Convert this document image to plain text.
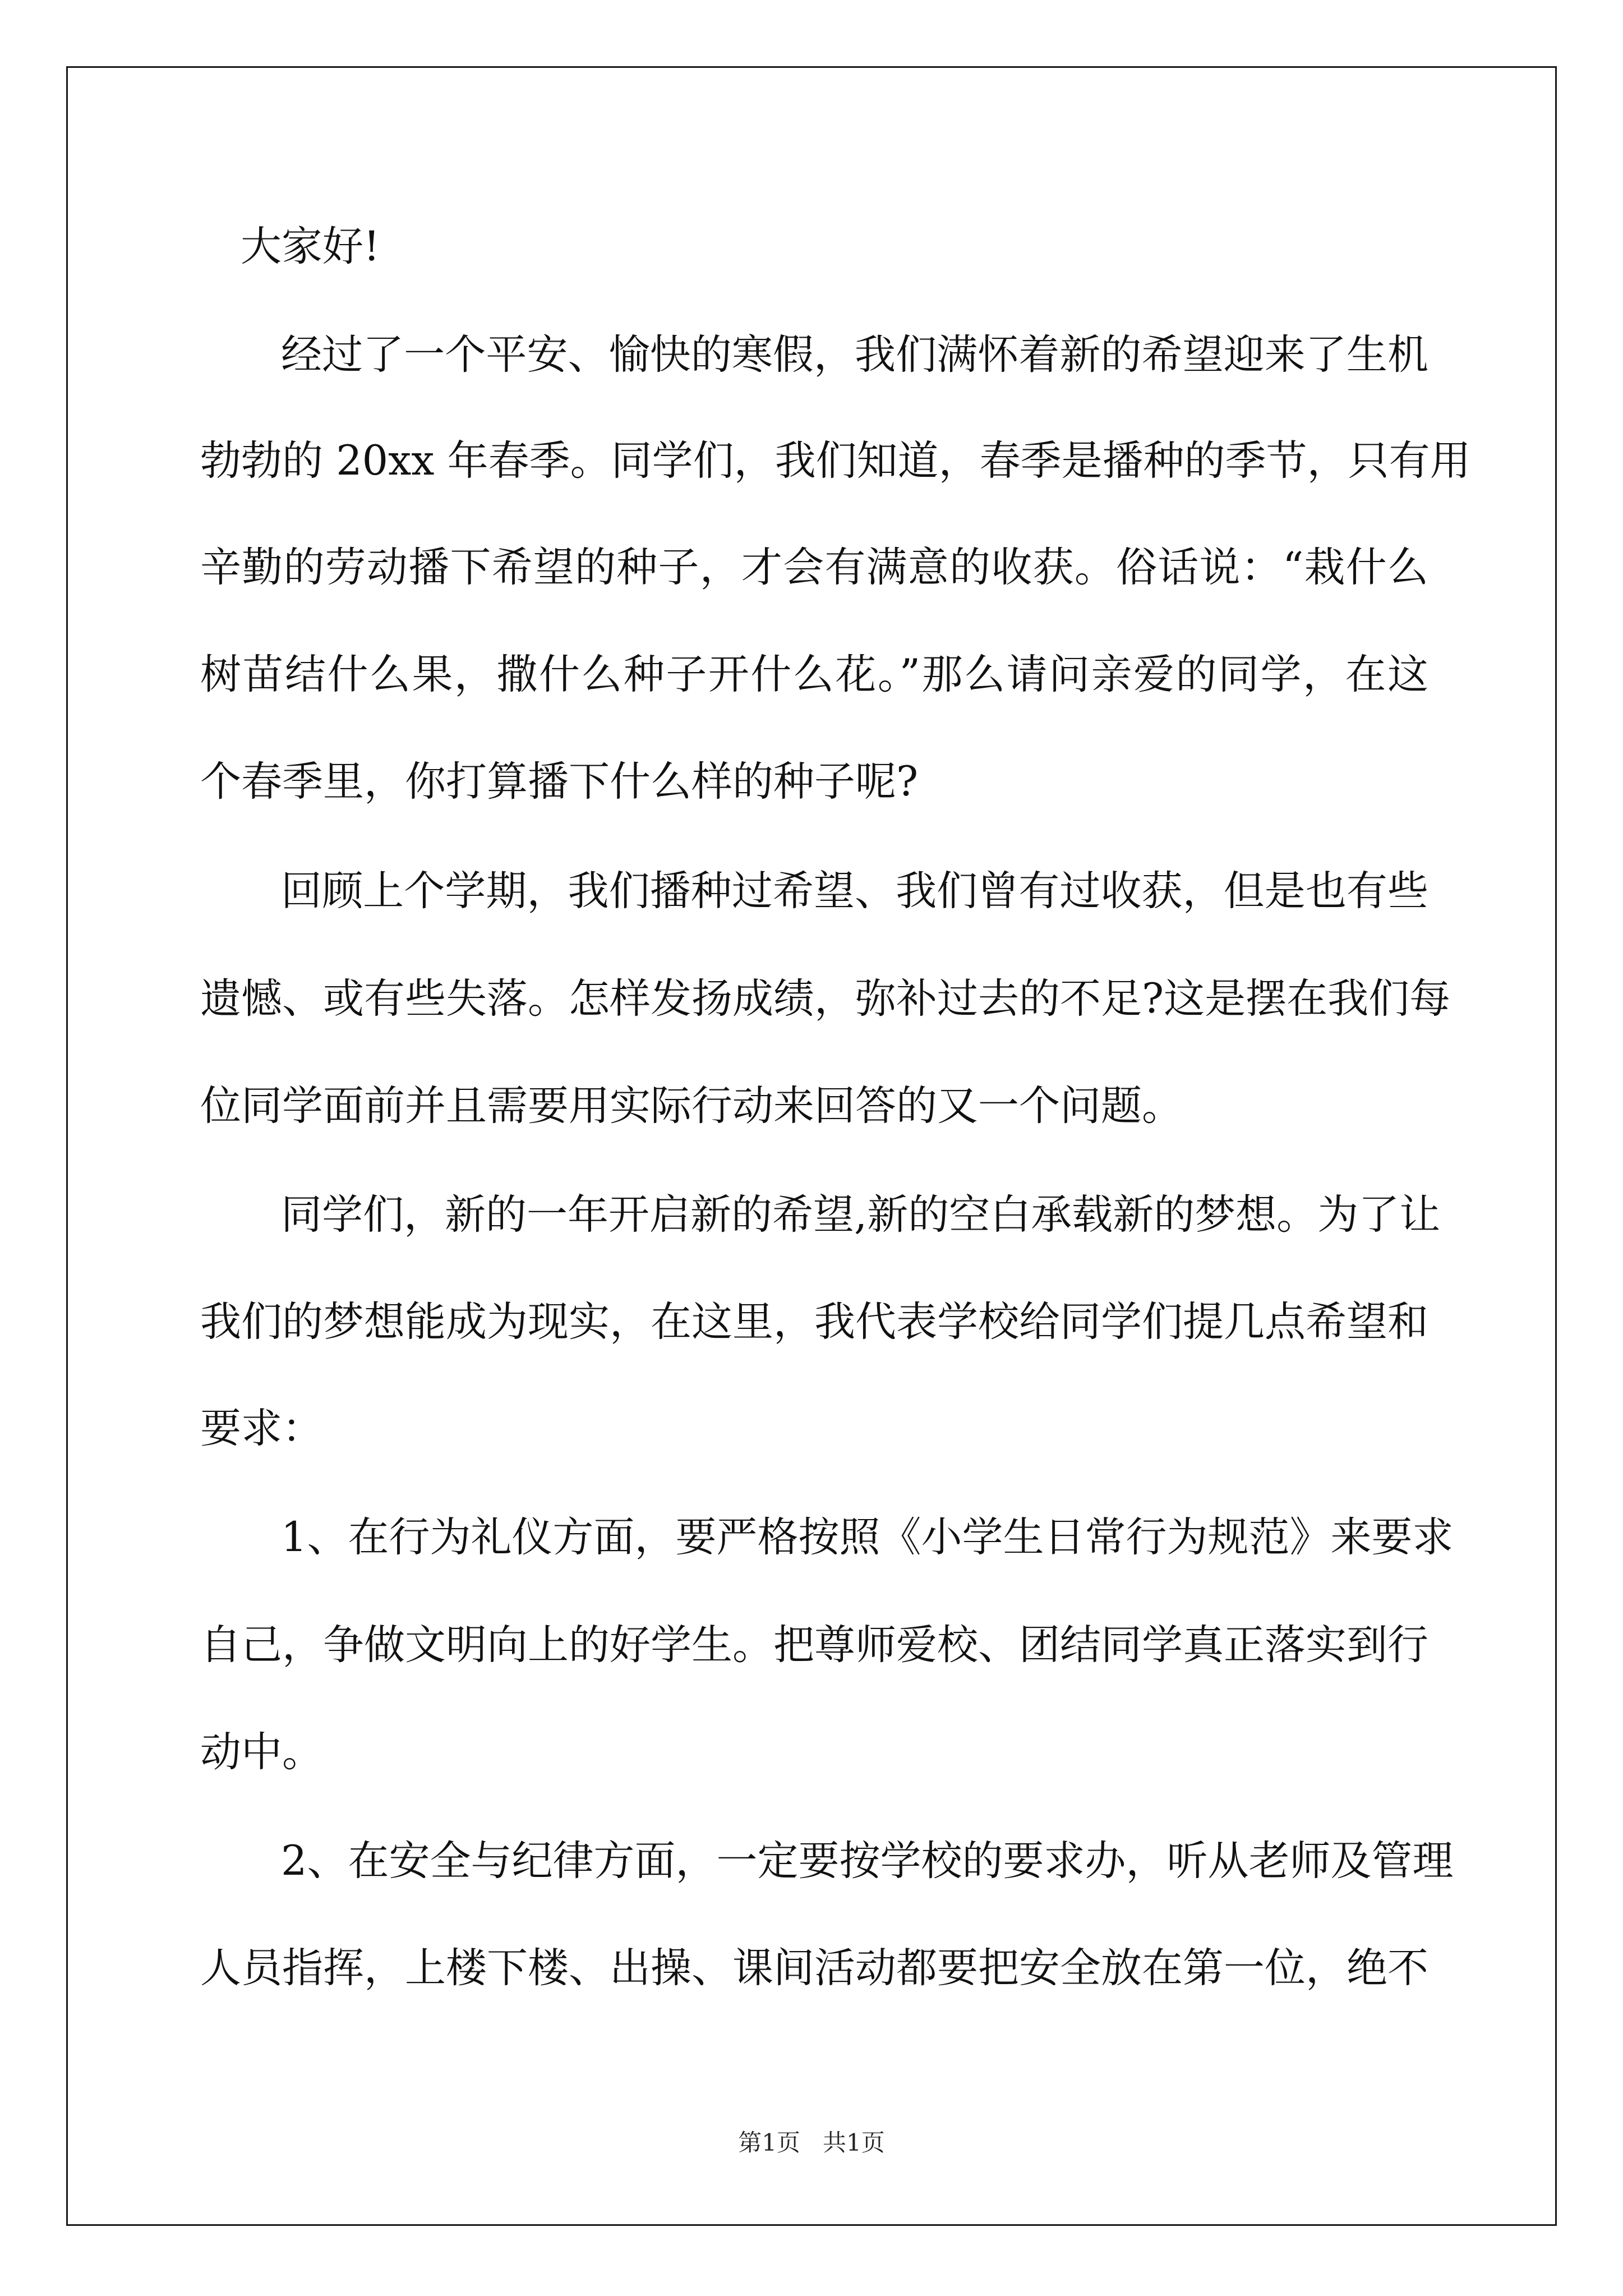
大家好!
经过了一个平安、愉快的寒假，我们满怀着新的希望迎来了生机
勃勃的 20xx 年春季。同学们，我们知道，春季是播种的季节，只有用
辛勤的劳动播下希望的种子，才会有满意的收获。俗话说：“栽什么
树苗结什么果，撒什么种子开什么花。”那么请问亲爱的同学，在这
个春季里，你打算播下什么样的种子呢?
回顾上个学期，我们播种过希望、我们曾有过收获，但是也有些
遗憾、或有些失落。怎样发扬成绩，弥补过去的不足?这是摆在我们每
位同学面前并且需要用实际行动来回答的又一个问题。
同学们，新的一年开启新的希望,新的空白承载新的梦想。为了让
我们的梦想能成为现实，在这里，我代表学校给同学们提几点希望和
要求：
1、在行为礼仪方面，要严格按照《小学生日常行为规范》来要求
自己，争做文明向上的好学生。把尊师爱校、团结同学真正落实到行
动中。
2、在安全与纪律方面，一定要按学校的要求办，听从老师及管理
人员指挥，上楼下楼、出操、课间活动都要把安全放在第一位，绝不
第1页 共1页
